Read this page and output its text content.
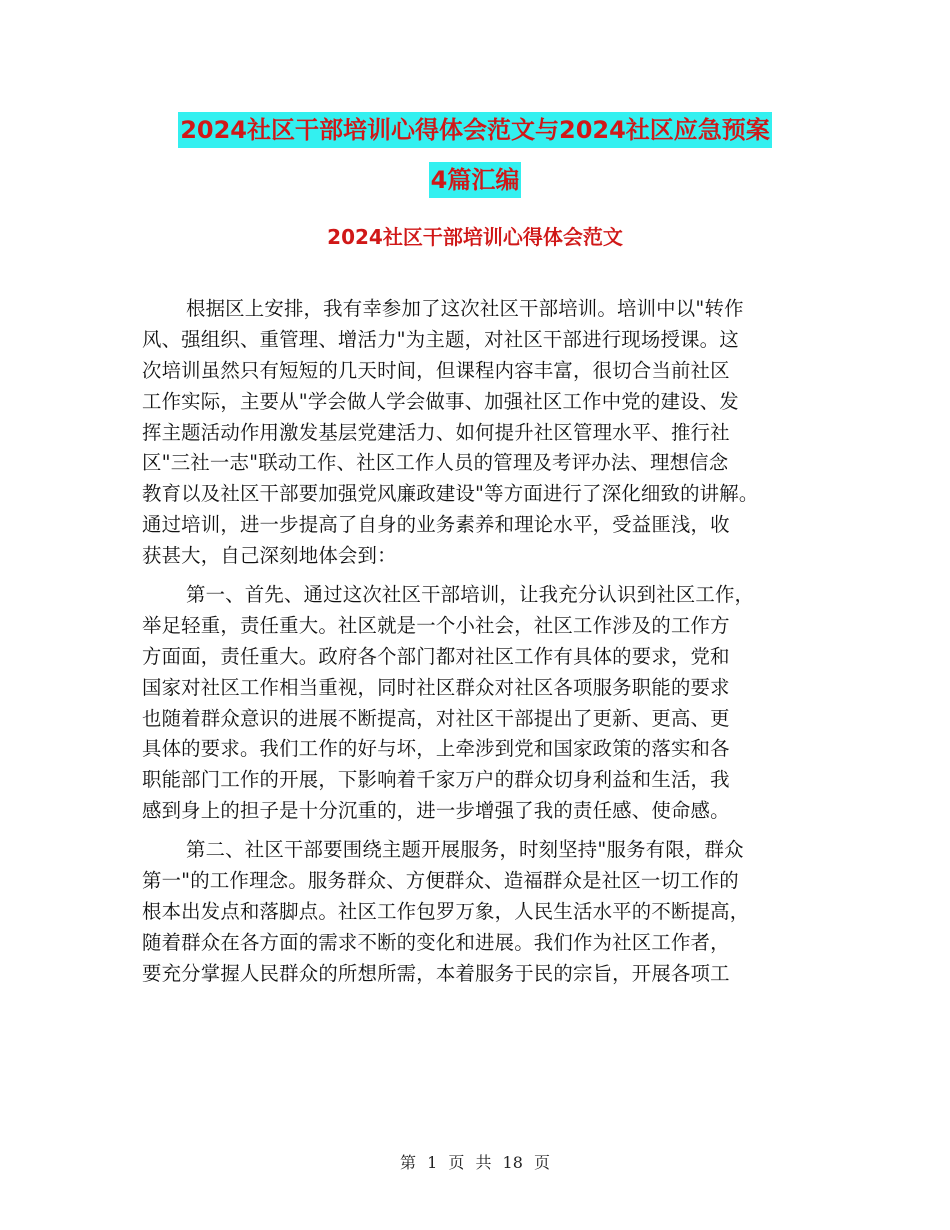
2024社区干部培训心得体会范文与2024社区应急预案
4篇汇编
2024社区干部培训心得体会范文
根据区上安排，我有幸参加了这次社区干部培训。培训中以"转作
风、强组织、重管理、增活力"为主题，对社区干部进行现场授课。这
次培训虽然只有短短的几天时间，但课程内容丰富，很切合当前社区
工作实际，主要从"学会做人学会做事、加强社区工作中党的建设、发
挥主题活动作用激发基层党建活力、如何提升社区管理水平、推行社
区"三社一志"联动工作、社区工作人员的管理及考评办法、理想信念
教育以及社区干部要加强党风廉政建设"等方面进行了深化细致的讲解。
通过培训，进一步提高了自身的业务素养和理论水平，受益匪浅，收
获甚大，自己深刻地体会到：
第一、首先、通过这次社区干部培训，让我充分认识到社区工作，
举足轻重，责任重大。社区就是一个小社会，社区工作涉及的工作方
方面面，责任重大。政府各个部门都对社区工作有具体的要求，党和
国家对社区工作相当重视，同时社区群众对社区各项服务职能的要求
也随着群众意识的进展不断提高，对社区干部提出了更新、更高、更
具体的要求。我们工作的好与坏，上牵涉到党和国家政策的落实和各
职能部门工作的开展，下影响着千家万户的群众切身利益和生活，我
感到身上的担子是十分沉重的，进一步增强了我的责任感、使命感。
第二、社区干部要围绕主题开展服务，时刻坚持"服务有限，群众
第一"的工作理念。服务群众、方便群众、造福群众是社区一切工作的
根本出发点和落脚点。社区工作包罗万象，人民生活水平的不断提高，
随着群众在各方面的需求不断的变化和进展。我们作为社区工作者，
要充分掌握人民群众的所想所需，本着服务于民的宗旨，开展各项工
第 1 页 共 18 页
